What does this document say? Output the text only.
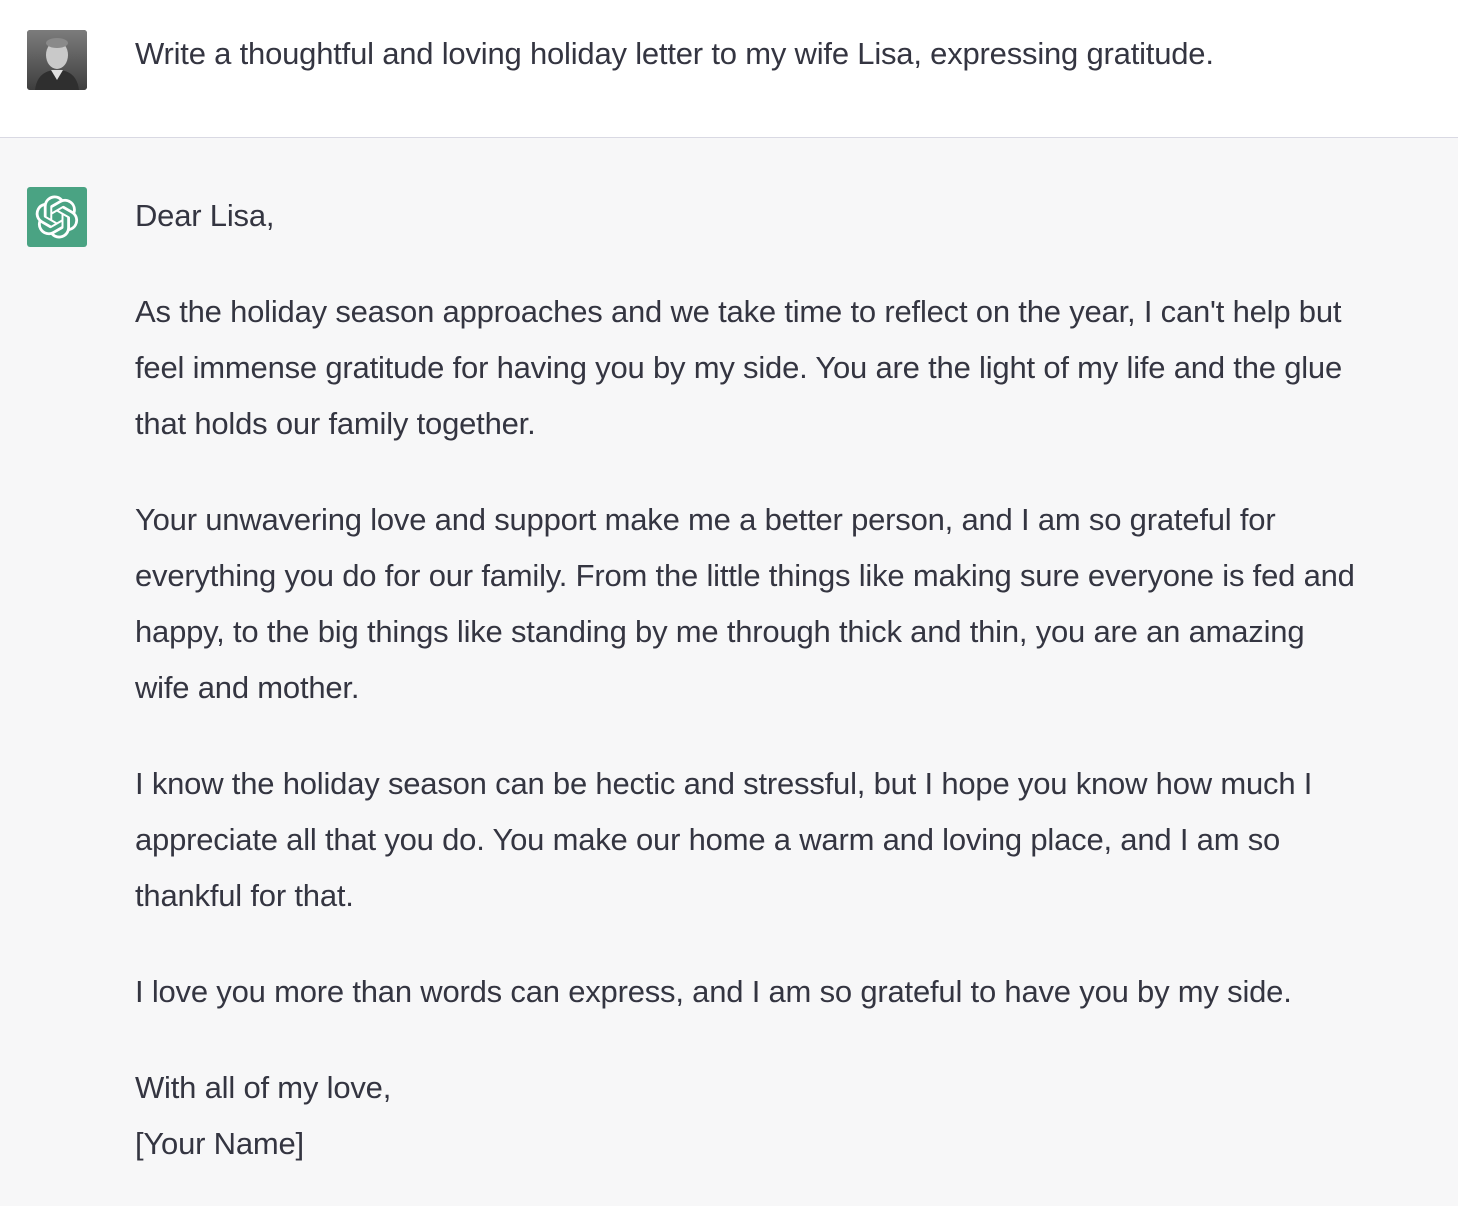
Write a thoughtful and loving holiday letter to my wife Lisa, expressing gratitude.

Dear Lisa,

As the holiday season approaches and we take time to reflect on the year, I can't help but
feel immense gratitude for having you by my side. You are the light of my life and the glue
that holds our family together.

Your unwavering love and support make me a better person, and I am so grateful for
everything you do for our family. From the little things like making sure everyone is fed and
happy, to the big things like standing by me through thick and thin, you are an amazing
wife and mother.

I know the holiday season can be hectic and stressful, but I hope you know how much I
appreciate all that you do. You make our home a warm and loving place, and I am so
thankful for that.

I love you more than words can express, and I am so grateful to have you by my side.

With all of my love,
[Your Name]
